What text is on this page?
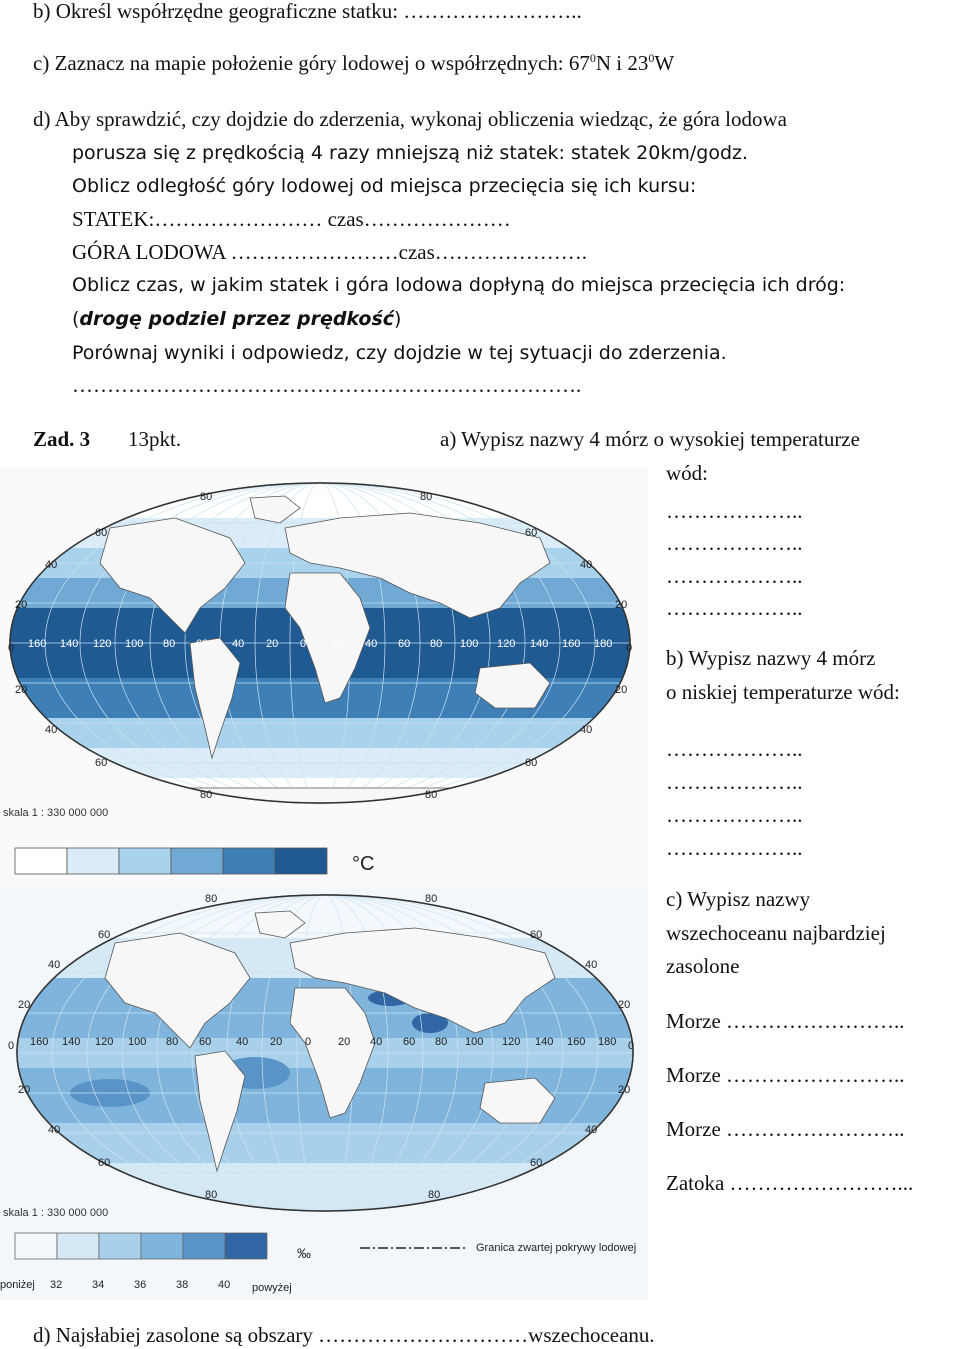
b) Określ współrzędne geograficzne statku: ……………………..
c) Zaznacz na mapie położenie góry lodowej o współrzędnych: $67^0N$ i $23^0W$
d) Aby sprawdzić, czy dojdzie do zderzenia, wykonaj obliczenia wiedząc, że góra lodowa
porusza się z prędkością 4 razy mniejszą niż statek: statek 20km/godz.
Oblicz odległość góry lodowej od miejsca przecięcia się ich kursu:
STATEK:…………………… czas…………………
GÓRA LODOWA ……………………czas………………….
Oblicz czas, w jakim statek i góra lodowa dopłyną do miejsca przecięcia ich dróg:
(drogę podziel przez prędkość)
Porównaj wyniki i odpowiedz, czy dojdzie w tej sytuacji do zderzenia.
……………………………………………………………….
Zad. 3 13pkt.	a) Wypisz nazwy 4 mórz o wysokiej temperaturze
wód:
………………..
………………..
………………..
………………..
b) Wypisz nazwy 4 mórz
o niskiej temperaturze wód:
………………..
………………..
………………..
………………..
c) Wypisz nazwy
wszechoceanu najbardziej
zasolone
Morze ……………………..
Morze ……………………..
Morze ……………………..
Zatoka ……………………...
d) Najsłabiej zasolone są obszary …………………………wszechoceanu.
80	80
60	60
40	40
20	20
0	0
20	20
40	40
60	60
80	80
160 140 120 100 80 60 40 20 0 20 40 60 80 100 120 140 160 180
skala 1 : 330 000 000
°C
80	80
60	60
40	40
20	20
0	0
20	20
40	40
60	60
80	80
160 140 120 100 80 60 40 20 0 20 40 60 80 100 120 140 160 180
skala 1 : 330 000 000
‰	Granica zwartej pokrywy lodowej
poniżej 32	34	36	38	40 powyżej
